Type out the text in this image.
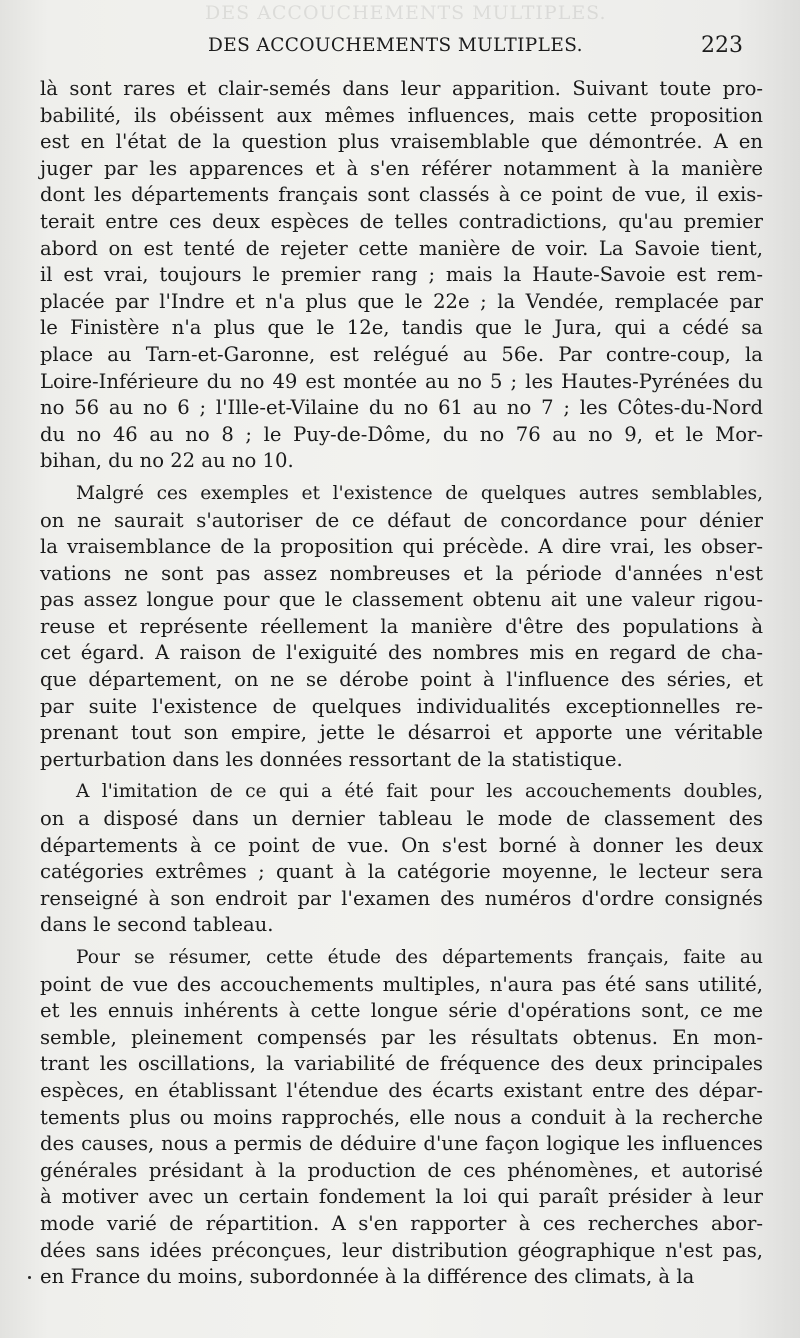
DES ACCOUCHEMENTS MULTIPLES.
DES ACCOUCHEMENTS MULTIPLES.	223
là sont rares et clair-semés dans leur apparition. Suivant toute pro-
babilité, ils obéissent aux mêmes influences, mais cette proposition
est en l'état de la question plus vraisemblable que démontrée. A en
juger par les apparences et à s'en référer notamment à la manière
dont les départements français sont classés à ce point de vue, il exis-
terait entre ces deux espèces de telles contradictions, qu'au premier
abord on est tenté de rejeter cette manière de voir. La Savoie tient,
il est vrai, toujours le premier rang ; mais la Haute-Savoie est rem-
placée par l'Indre et n'a plus que le 22e ; la Vendée, remplacée par
le Finistère n'a plus que le 12e, tandis que le Jura, qui a cédé sa
place au Tarn-et-Garonne, est relégué au 56e. Par contre-coup, la
Loire-Inférieure du no 49 est montée au no 5 ; les Hautes-Pyrénées du
no 56 au no 6 ; l'Ille-et-Vilaine du no 61 au no 7 ; les Côtes-du-Nord
du no 46 au no 8 ; le Puy-de-Dôme, du no 76 au no 9, et le Mor-
bihan, du no 22 au no 10.
Malgré ces exemples et l'existence de quelques autres semblables,
on ne saurait s'autoriser de ce défaut de concordance pour dénier
la vraisemblance de la proposition qui précède. A dire vrai, les obser-
vations ne sont pas assez nombreuses et la période d'années n'est
pas assez longue pour que le classement obtenu ait une valeur rigou-
reuse et représente réellement la manière d'être des populations à
cet égard. A raison de l'exiguité des nombres mis en regard de cha-
que département, on ne se dérobe point à l'influence des séries, et
par suite l'existence de quelques individualités exceptionnelles re-
prenant tout son empire, jette le désarroi et apporte une véritable
perturbation dans les données ressortant de la statistique.
A l'imitation de ce qui a été fait pour les accouchements doubles,
on a disposé dans un dernier tableau le mode de classement des
départements à ce point de vue. On s'est borné à donner les deux
catégories extrêmes ; quant à la catégorie moyenne, le lecteur sera
renseigné à son endroit par l'examen des numéros d'ordre consignés
dans le second tableau.
Pour se résumer, cette étude des départements français, faite au
point de vue des accouchements multiples, n'aura pas été sans utilité,
et les ennuis inhérents à cette longue série d'opérations sont, ce me
semble, pleinement compensés par les résultats obtenus. En mon-
trant les oscillations, la variabilité de fréquence des deux principales
espèces, en établissant l'étendue des écarts existant entre des dépar-
tements plus ou moins rapprochés, elle nous a conduit à la recherche
des causes, nous a permis de déduire d'une façon logique les influences
générales présidant à la production de ces phénomènes, et autorisé
à motiver avec un certain fondement la loi qui paraît présider à leur
mode varié de répartition. A s'en rapporter à ces recherches abor-
dées sans idées préconçues, leur distribution géographique n'est pas,
en France du moins, subordonnée à la différence des climats, à la
